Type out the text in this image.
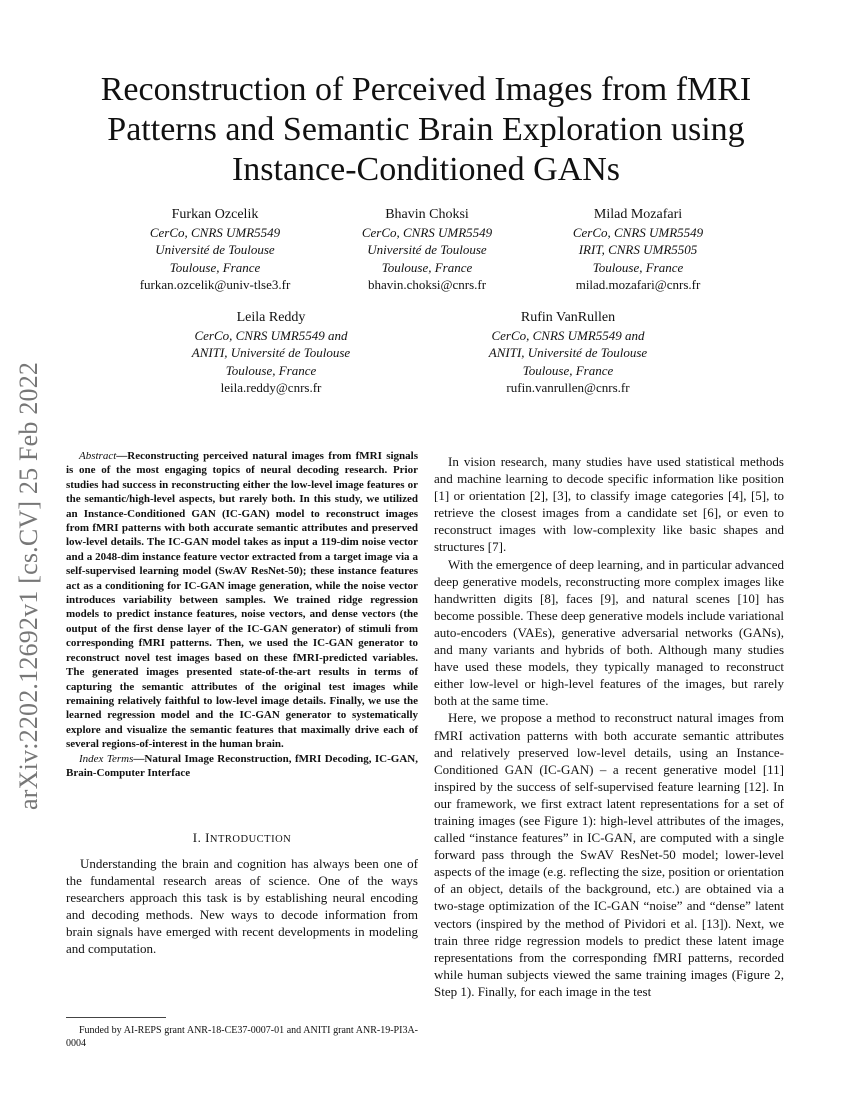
arXiv:2202.12692v1 [cs.CV] 25 Feb 2022
Reconstruction of Perceived Images from fMRI Patterns and Semantic Brain Exploration using Instance-Conditioned GANs
Furkan Ozcelik
CerCo, CNRS UMR5549
Université de Toulouse
Toulouse, France
furkan.ozcelik@univ-tlse3.fr
Bhavin Choksi
CerCo, CNRS UMR5549
Université de Toulouse
Toulouse, France
bhavin.choksi@cnrs.fr
Milad Mozafari
CerCo, CNRS UMR5549
IRIT, CNRS UMR5505
Toulouse, France
milad.mozafari@cnrs.fr
Leila Reddy
CerCo, CNRS UMR5549 and
ANITI, Université de Toulouse
Toulouse, France
leila.reddy@cnrs.fr
Rufin VanRullen
CerCo, CNRS UMR5549 and
ANITI, Université de Toulouse
Toulouse, France
rufin.vanrullen@cnrs.fr

Abstract—Reconstructing perceived natural images from fMRI signals is one of the most engaging topics of neural decoding research. Prior studies had success in reconstructing either the low-level image features or the semantic/high-level aspects, but rarely both. In this study, we utilized an Instance-Conditioned GAN (IC-GAN) model to reconstruct images from fMRI patterns with both accurate semantic attributes and preserved low-level details. The IC-GAN model takes as input a 119-dim noise vector and a 2048-dim instance feature vector extracted from a target image via a self-supervised learning model (SwAV ResNet-50); these instance features act as a conditioning for IC-GAN image generation, while the noise vector introduces variability between samples. We trained ridge regression models to predict instance features, noise vectors, and dense vectors (the output of the first dense layer of the IC-GAN generator) of stimuli from corresponding fMRI patterns. Then, we used the IC-GAN generator to reconstruct novel test images based on these fMRI-predicted variables. The generated images presented state-of-the-art results in terms of capturing the semantic attributes of the original test images while remaining relatively faithful to low-level image details. Finally, we use the learned regression model and the IC-GAN generator to systematically explore and visualize the semantic features that maximally drive each of several regions-of-interest in the human brain.

Index Terms—Natural Image Reconstruction, fMRI Decoding, IC-GAN, Brain-Computer Interface

I. INTRODUCTION

Understanding the brain and cognition has always been one of the fundamental research areas of science. One of the ways researchers approach this task is by establishing neural encoding and decoding methods. New ways to decode information from brain signals have emerged with recent developments in modeling and computation.

Funded by AI-REPS grant ANR-18-CE37-0007-01 and ANITI grant ANR-19-PI3A-0004

In vision research, many studies have used statistical methods and machine learning to decode specific information like position [1] or orientation [2], [3], to classify image categories [4], [5], to retrieve the closest images from a candidate set [6], or even to reconstruct images with low-complexity like basic shapes and structures [7].

With the emergence of deep learning, and in particular advanced deep generative models, reconstructing more complex images like handwritten digits [8], faces [9], and natural scenes [10] has become possible. These deep generative models include variational auto-encoders (VAEs), generative adversarial networks (GANs), and many variants and hybrids of both. Although many studies have used these models, they typically managed to reconstruct either low-level or high-level features of the images, but rarely both at the same time.

Here, we propose a method to reconstruct natural images from fMRI activation patterns with both accurate semantic attributes and relatively preserved low-level details, using an Instance-Conditioned GAN (IC-GAN) – a recent generative model [11] inspired by the success of self-supervised feature learning [12]. In our framework, we first extract latent representations for a set of training images (see Figure 1): high-level attributes of the images, called “instance features” in IC-GAN, are computed with a single forward pass through the SwAV ResNet-50 model; lower-level aspects of the image (e.g. reflecting the size, position or orientation of an object, details of the background, etc.) are obtained via a two-stage optimization of the IC-GAN “noise” and “dense” latent vectors (inspired by the method of Pividori et al. [13]). Next, we train three ridge regression models to predict these latent image representations from the corresponding fMRI patterns, recorded while human subjects viewed the same training images (Figure 2, Step 1). Finally, for each image in the test
